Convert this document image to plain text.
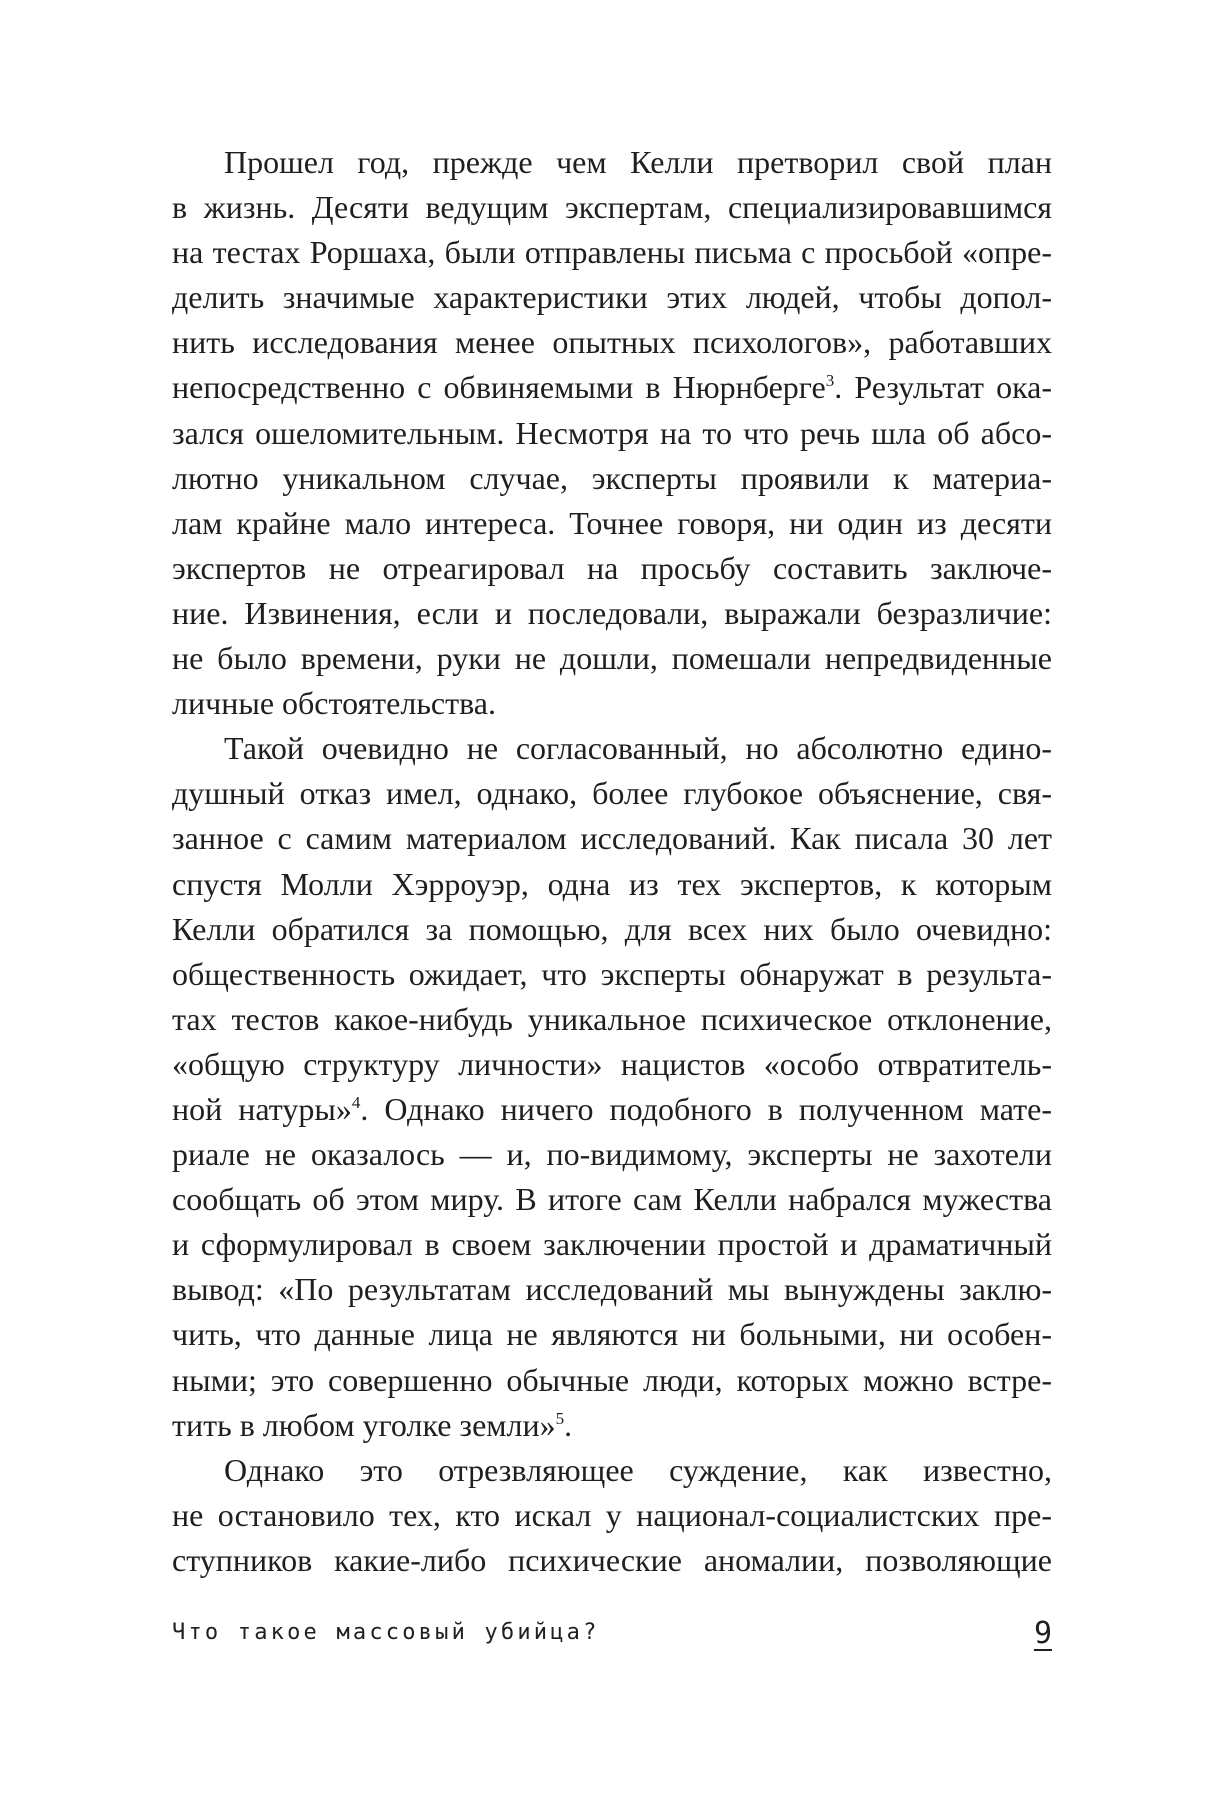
Прошел год, прежде чем Келли претворил свой план
в жизнь. Десяти ведущим экспертам, специализировавшимся
на тестах Роршаха, были отправлены письма с просьбой «опре-
делить значимые характеристики этих людей, чтобы допол-
нить исследования менее опытных психологов», работавших
непосредственно с обвиняемыми в Нюрнберге$^3$. Результат ока-
зался ошеломительным. Несмотря на то что речь шла об абсо-
лютно уникальном случае, эксперты проявили к материа-
лам крайне мало интереса. Точнее говоря, ни один из десяти
экспертов не отреагировал на просьбу составить заключе-
ние. Извинения, если и последовали, выражали безразличие:
не было времени, руки не дошли, помешали непредвиденные
личные обстоятельства.
Такой очевидно не согласованный, но абсолютно едино-
душный отказ имел, однако, более глубокое объяснение, свя-
занное с самим материалом исследований. Как писала 30 лет
спустя Молли Хэрроуэр, одна из тех экспертов, к которым
Келли обратился за помощью, для всех них было очевидно:
общественность ожидает, что эксперты обнаружат в результа-
тах тестов какое-нибудь уникальное психическое отклонение,
«общую структуру личности» нацистов «особо отвратитель-
ной натуры»$^4$. Однако ничего подобного в полученном мате-
риале не оказалось — и, по-видимому, эксперты не захотели
сообщать об этом миру. В итоге сам Келли набрался мужества
и сформулировал в своем заключении простой и драматичный
вывод: «По результатам исследований мы вынуждены заклю-
чить, что данные лица не являются ни больными, ни особен-
ными; это совершенно обычные люди, которых можно встре-
тить в любом уголке земли»$^5$.
Однако это отрезвляющее суждение, как известно,
не остановило тех, кто искал у национал-социалистских пре-
ступников какие-либо психические аномалии, позволяющие
Что такое массовый убийца?	9
